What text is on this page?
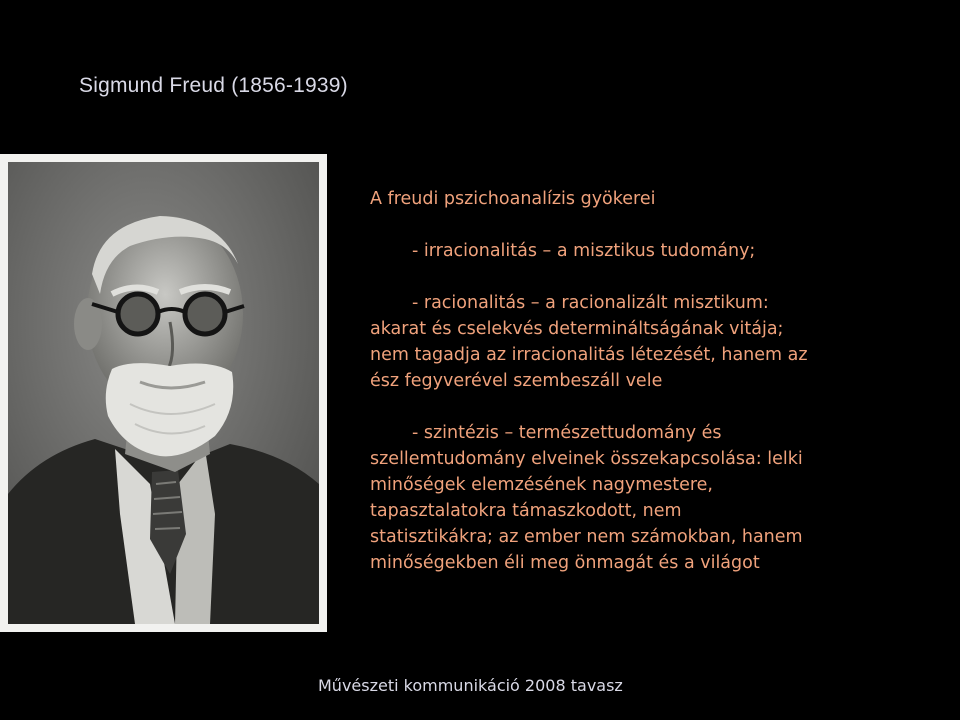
Sigmund Freud (1856-1939)
A freudi pszichoanalízis gyökerei
- irracionalitás – a misztikus tudomány;
- racionalitás – a racionalizált misztikum:
akarat és cselekvés determináltságának vitája;
nem tagadja az irracionalitás létezését, hanem az
ész fegyverével szembeszáll vele
- szintézis – természettudomány és
szellemtudomány elveinek összekapcsolása: lelki
minőségek elemzésének nagymestere,
tapasztalatokra támaszkodott, nem
statisztikákra; az ember nem számokban, hanem
minőségekben éli meg önmagát és a világot
Művészeti kommunikáció 2008 tavasz
